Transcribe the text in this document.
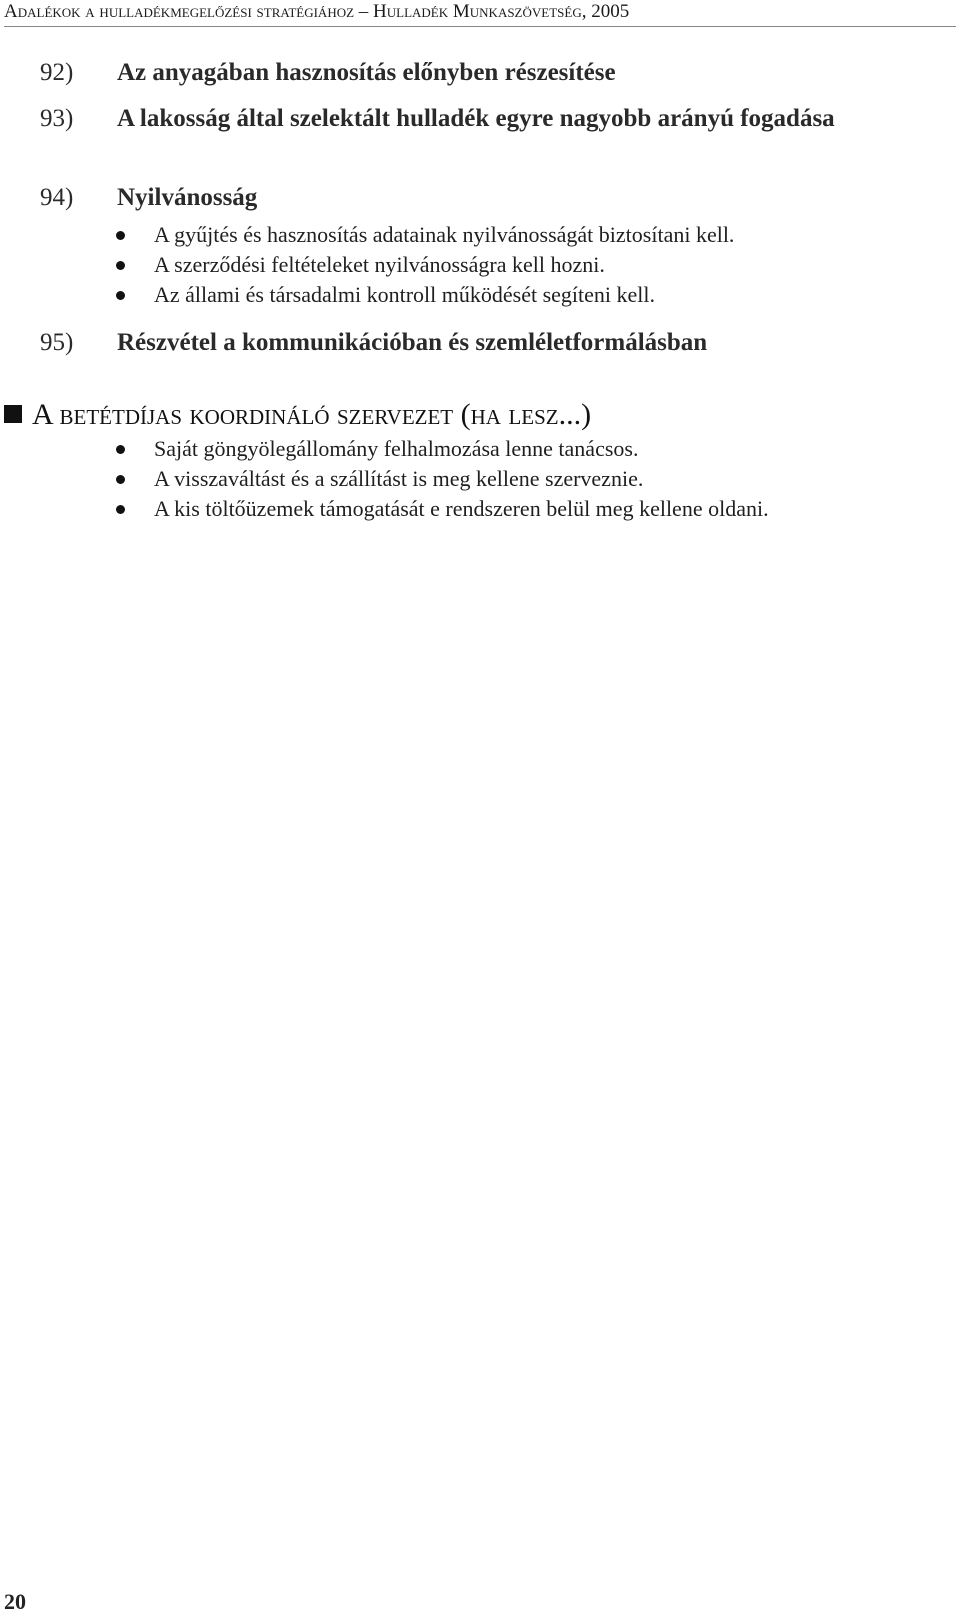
Adalékok a hulladékmegelőzési stratégiához – Hulladék Munkaszövetség, 2005
92)	Az anyagában hasznosítás előnyben részesítése
93)	A lakosság által szelektált hulladék egyre nagyobb arányú fogadása
94)	Nyilvánosság
A gyűjtés és hasznosítás adatainak nyilvánosságát biztosítani kell.
A szerződési feltételeket nyilvánosságra kell hozni.
Az állami és társadalmi kontroll működését segíteni kell.
95)	Részvétel a kommunikációban és szemléletformálásban
A betétdíjas koordináló szervezet (ha lesz...)
Saját göngyölegállomány felhalmozása lenne tanácsos.
A visszaváltást és a szállítást is meg kellene szerveznie.
A kis töltőüzemek támogatását e rendszeren belül meg kellene oldani.
20
